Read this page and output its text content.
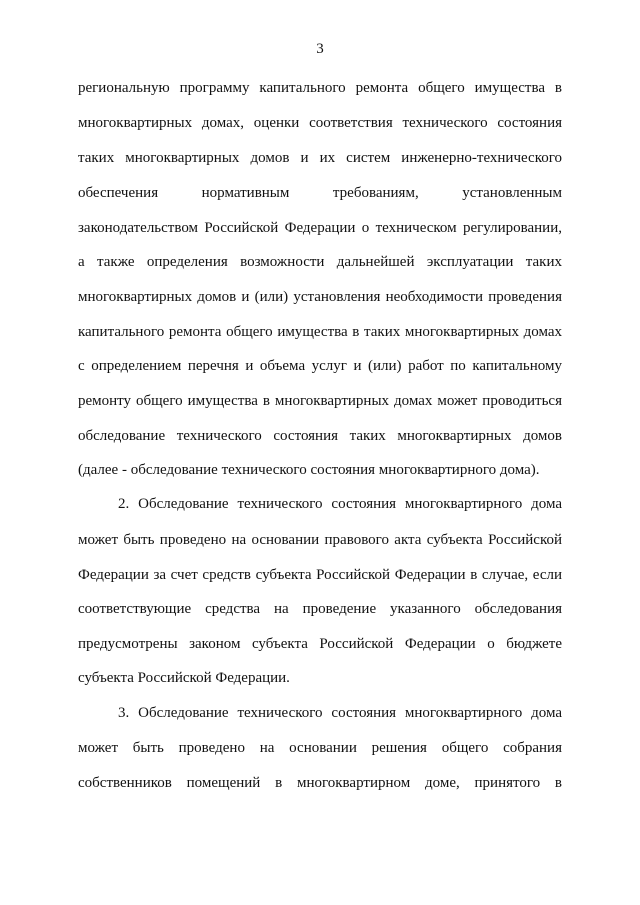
3
региональную программу капитального ремонта общего имущества в
многоквартирных домах, оценки соответствия технического состояния
таких многоквартирных домов и их систем инженерно-технического
обеспечения нормативным требованиям, установленным
законодательством Российской Федерации о техническом регулировании,
а также определения возможности дальнейшей эксплуатации таких
многоквартирных домов и (или) установления необходимости проведения
капитального ремонта общего имущества в таких многоквартирных домах
с определением перечня и объема услуг и (или) работ по капитальному
ремонту общего имущества в многоквартирных домах может проводиться
обследование технического состояния таких многоквартирных домов
(далее - обследование технического состояния многоквартирного дома).
2. Обследование технического состояния многоквартирного дома
может быть проведено на основании правового акта субъекта Российской
Федерации за счет средств субъекта Российской Федерации в случае, если
соответствующие средства на проведение указанного обследования
предусмотрены законом субъекта Российской Федерации о бюджете
субъекта Российской Федерации.
3. Обследование технического состояния многоквартирного дома
может быть проведено на основании решения общего собрания
собственников помещений в многоквартирном доме, принятого в
